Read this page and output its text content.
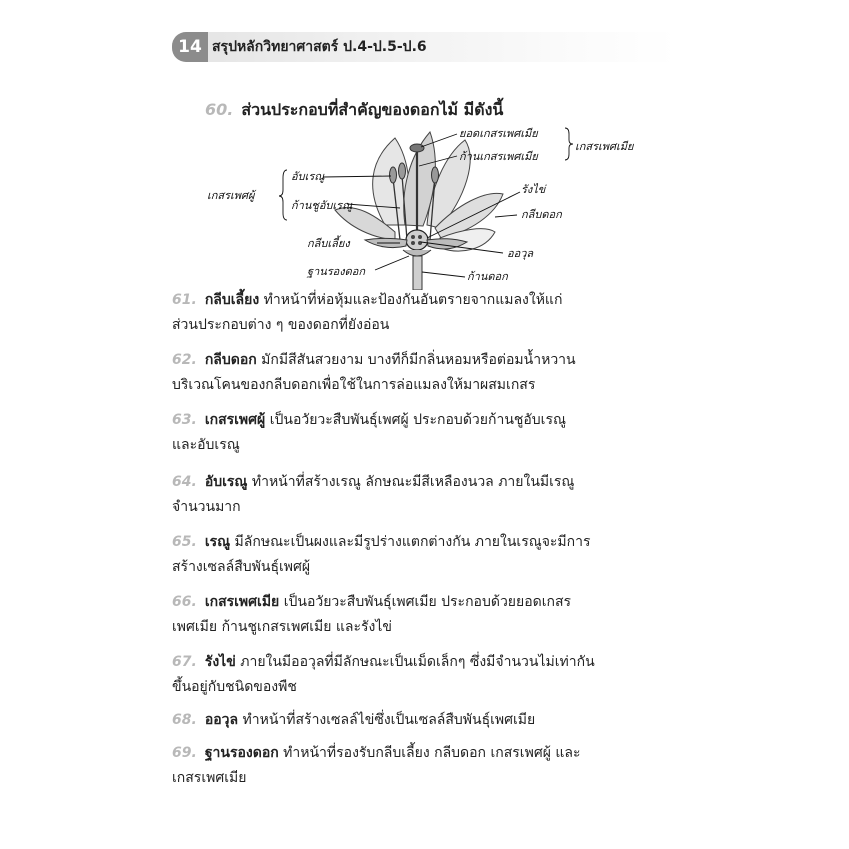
14 สรุปหลักวิทยาศาสตร์ ป.4-ป.5-ป.6
60. ส่วนประกอบที่สำคัญของดอกไม้ มีดังนี้
ยอดเกสรเพศเมีย
ก้านเกสรเพศเมีย
เกสรเพศเมีย
อับเรณู
ก้านชูอับเรณู
เกสรเพศผู้	รังไข่
กลีบดอก
กลีบเลี้ยง
ออวุล
ฐานรองดอก	ก้านดอก
61. กลีบเลี้ยง ทำหน้าที่ห่อหุ้มและป้องกันอันตรายจากแมลงให้แก่
ส่วนประกอบต่าง ๆ ของดอกที่ยังอ่อน
62. กลีบดอก มักมีสีสันสวยงาม บางทีก็มีกลิ่นหอมหรือต่อมน้ำหวาน
บริเวณโคนของกลีบดอกเพื่อใช้ในการล่อแมลงให้มาผสมเกสร
63. เกสรเพศผู้ เป็นอวัยวะสืบพันธุ์เพศผู้ ประกอบด้วยก้านชูอับเรณู
และอับเรณู
64. อับเรณู ทำหน้าที่สร้างเรณู ลักษณะมีสีเหลืองนวล ภายในมีเรณู
จำนวนมาก
65. เรณู มีลักษณะเป็นผงและมีรูปร่างแตกต่างกัน ภายในเรณูจะมีการ
สร้างเซลล์สืบพันธุ์เพศผู้
66. เกสรเพศเมีย เป็นอวัยวะสืบพันธุ์เพศเมีย ประกอบด้วยยอดเกสร
เพศเมีย ก้านชูเกสรเพศเมีย และรังไข่
67. รังไข่ ภายในมีออวุลที่มีลักษณะเป็นเม็ดเล็กๆ ซึ่งมีจำนวนไม่เท่ากัน
ขึ้นอยู่กับชนิดของพืช
68. ออวุล ทำหน้าที่สร้างเซลล์ไข่ซึ่งเป็นเซลล์สืบพันธุ์เพศเมีย
69. ฐานรองดอก ทำหน้าที่รองรับกลีบเลี้ยง กลีบดอก เกสรเพศผู้ และ
เกสรเพศเมีย
